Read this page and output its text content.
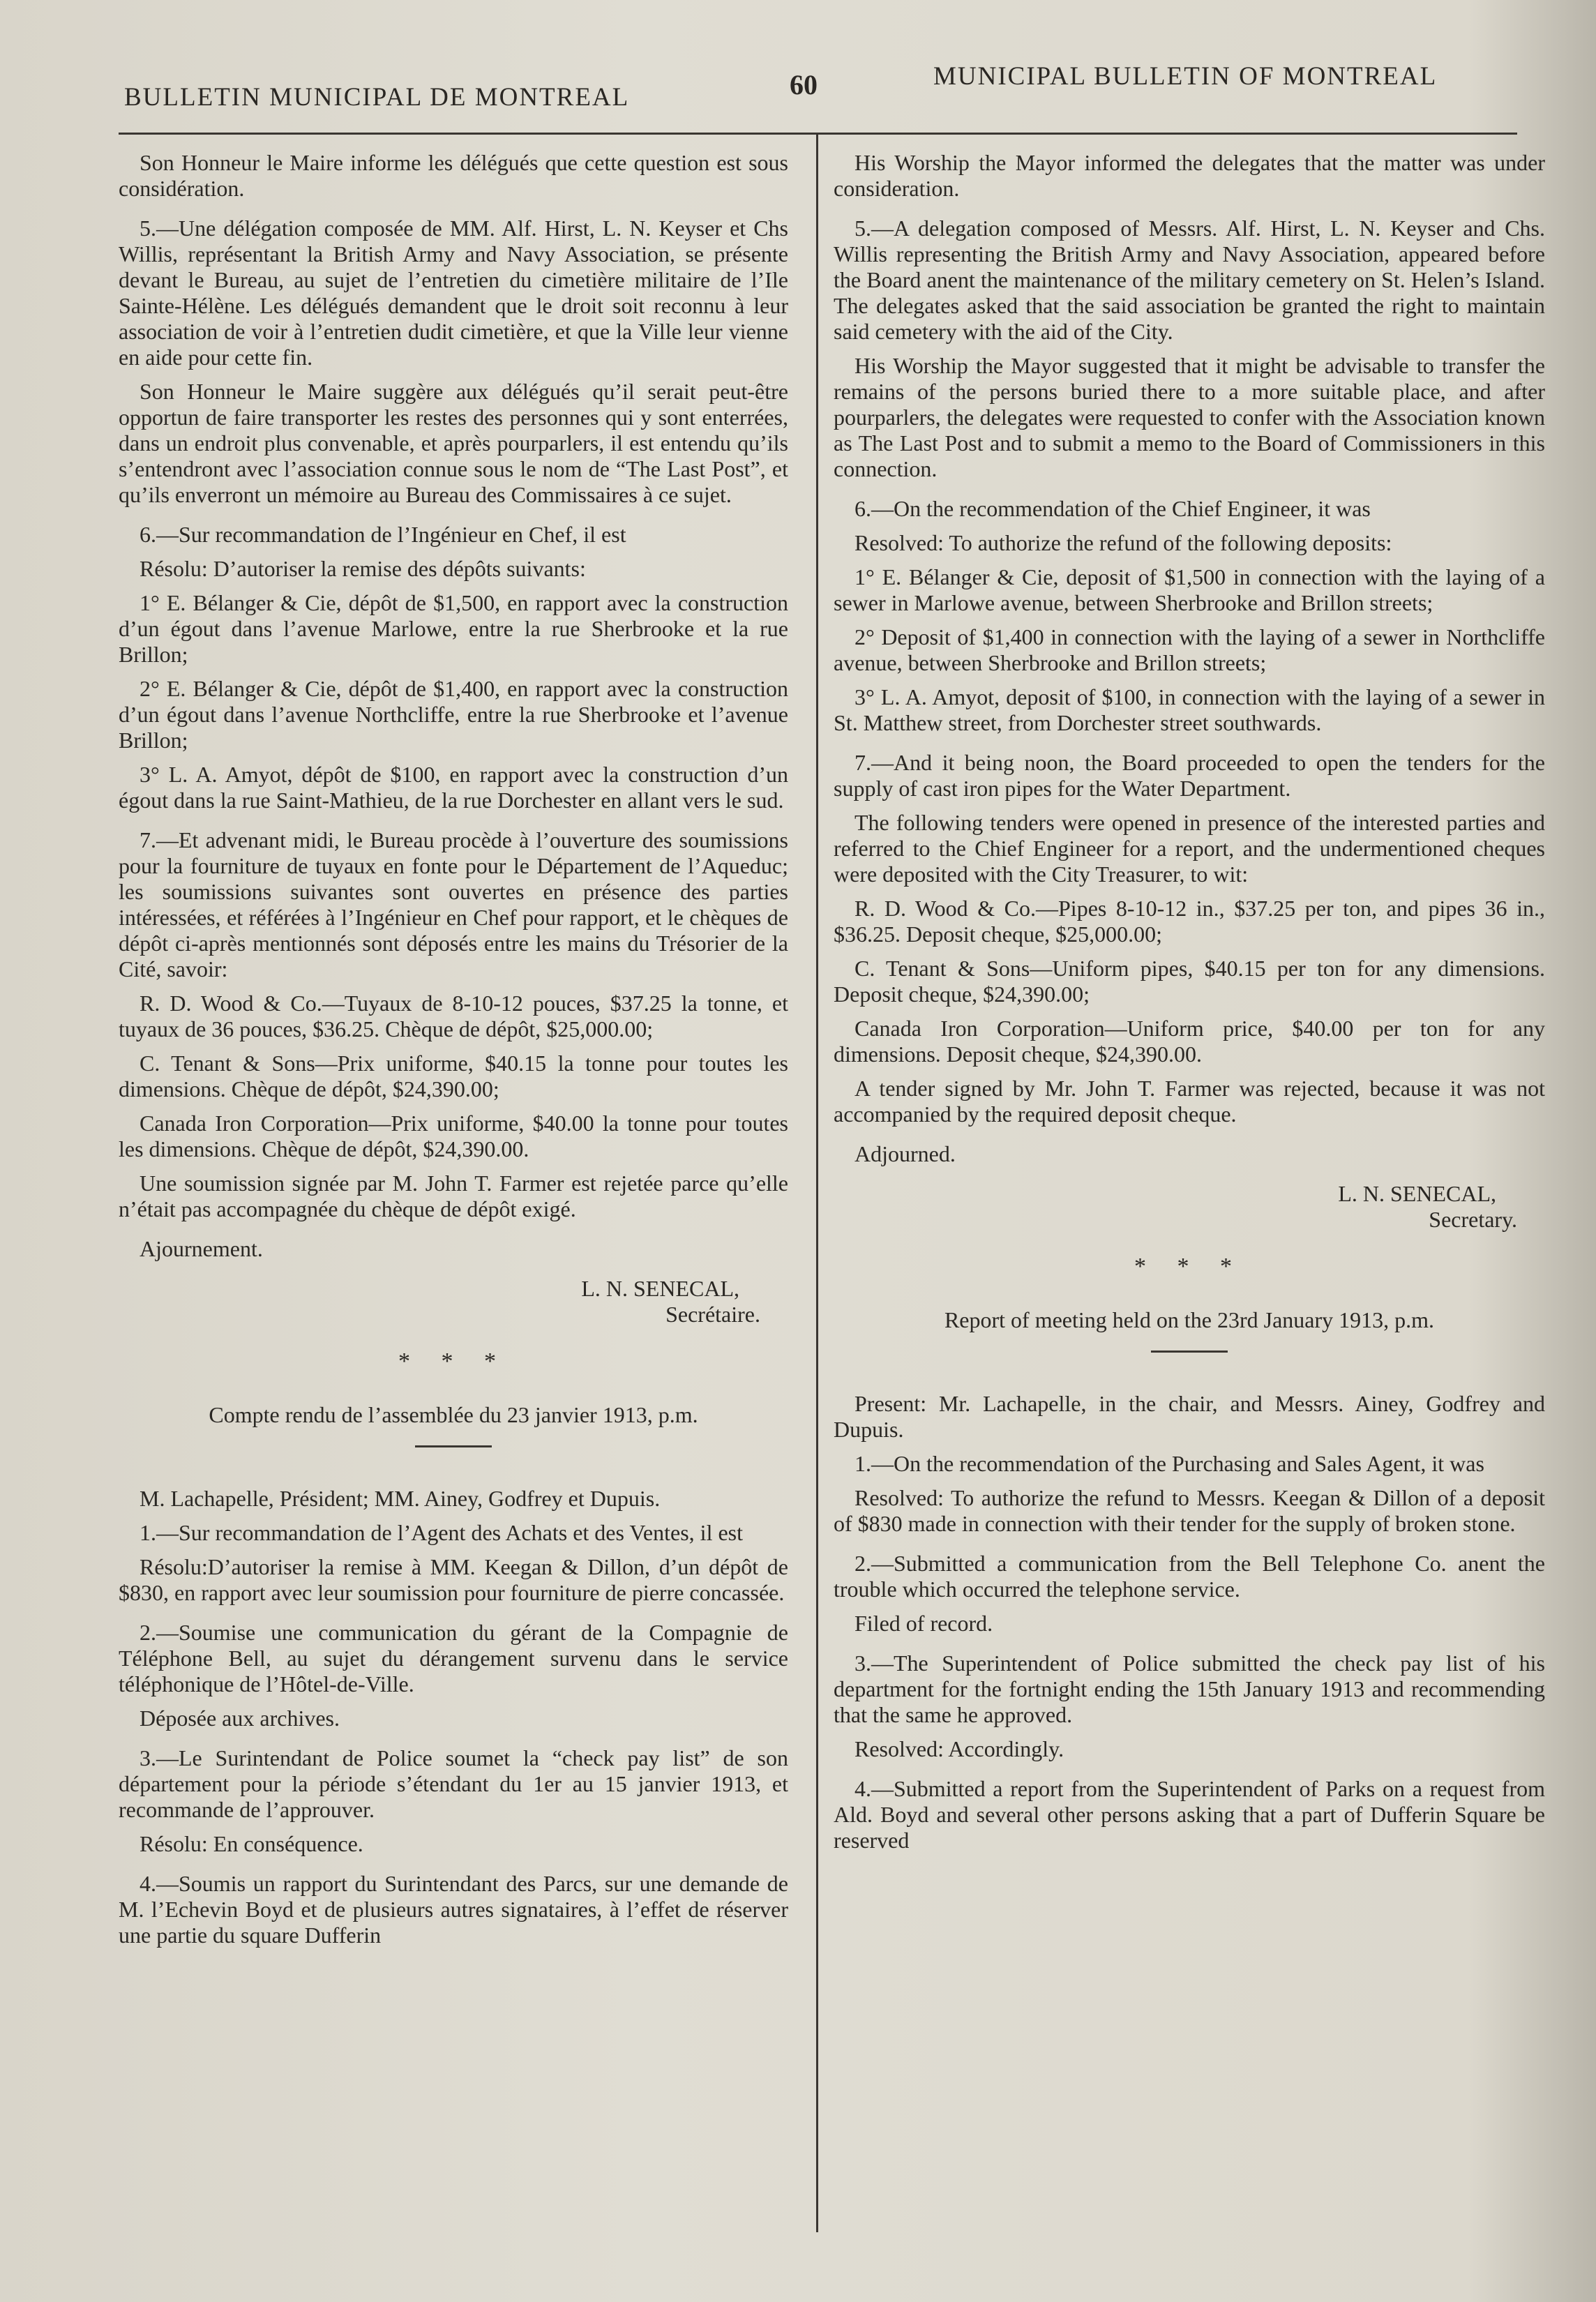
BULLETIN MUNICIPAL DE MONTREAL	60	MUNICIPAL BULLETIN OF MONTREAL

Son Honneur le Maire informe les délégués que cette question est sous considération.

5.—Une délégation composée de MM. Alf. Hirst, L. N. Keyser et Chs Willis, représentant la British Army and Navy Association, se présente devant le Bureau, au sujet de l’entretien du cimetière militaire de l’Ile Sainte-Hélène. Les délégués demandent que le droit soit reconnu à leur association de voir à l’entretien dudit cimetière, et que la Ville leur vienne en aide pour cette fin.

Son Honneur le Maire suggère aux délégués qu’il serait peut-être opportun de faire transporter les restes des personnes qui y sont enterrées, dans un endroit plus convenable, et après pourparlers, il est entendu qu’ils s’entendront avec l’association connue sous le nom de “The Last Post”, et qu’ils enverront un mémoire au Bureau des Commissaires à ce sujet.

6.—Sur recommandation de l’Ingénieur en Chef, il est

Résolu: D’autoriser la remise des dépôts suivants:

1° E. Bélanger & Cie, dépôt de $1,500, en rapport avec la construction d’un égout dans l’avenue Marlowe, entre la rue Sherbrooke et la rue Brillon;

2° E. Bélanger & Cie, dépôt de $1,400, en rapport avec la construction d’un égout dans l’avenue Northcliffe, entre la rue Sherbrooke et l’avenue Brillon;

3° L. A. Amyot, dépôt de $100, en rapport avec la construction d’un égout dans la rue Saint-Mathieu, de la rue Dorchester en allant vers le sud.

7.—Et advenant midi, le Bureau procède à l’ouverture des soumissions pour la fourniture de tuyaux en fonte pour le Département de l’Aqueduc; les soumissions suivantes sont ouvertes en présence des parties intéressées, et référées à l’Ingénieur en Chef pour rapport, et le chèques de dépôt ci-après mentionnés sont déposés entre les mains du Trésorier de la Cité, savoir:

R. D. Wood & Co.—Tuyaux de 8-10-12 pouces, $37.25 la tonne, et tuyaux de 36 pouces, $36.25. Chèque de dépôt, $25,000.00;

C. Tenant & Sons—Prix uniforme, $40.15 la tonne pour toutes les dimensions. Chèque de dépôt, $24,390.00;

Canada Iron Corporation—Prix uniforme, $40.00 la tonne pour toutes les dimensions. Chèque de dépôt, $24,390.00.

Une soumission signée par M. John T. Farmer est rejetée parce qu’elle n’était pas accompagnée du chèque de dépôt exigé.

Ajournement.

L. N. SENECAL,
Secrétaire.
* * *

Compte rendu de l’assemblée du 23 janvier 1913, p.m.

M. Lachapelle, Président; MM. Ainey, Godfrey et Dupuis.

1.—Sur recommandation de l’Agent des Achats et des Ventes, il est

Résolu:D’autoriser la remise à MM. Keegan & Dillon, d’un dépôt de $830, en rapport avec leur soumission pour fourniture de pierre concassée.

2.—Soumise une communication du gérant de la Compagnie de Téléphone Bell, au sujet du dérangement survenu dans le service téléphonique de l’Hôtel-de-Ville.

Déposée aux archives.

3.—Le Surintendant de Police soumet la “check pay list” de son département pour la période s’étendant du 1er au 15 janvier 1913, et recommande de l’approuver.

Résolu: En conséquence.

4.—Soumis un rapport du Surintendant des Parcs, sur une demande de M. l’Echevin Boyd et de plusieurs autres signataires, à l’effet de réserver une partie du square Dufferin

His Worship the Mayor informed the delegates that the matter was under consideration.

5.—A delegation composed of Messrs. Alf. Hirst, L. N. Keyser and Chs. Willis representing the British Army and Navy Association, appeared before the Board anent the maintenance of the military cemetery on St. Helen’s Island. The delegates asked that the said association be granted the right to maintain said cemetery with the aid of the City.

His Worship the Mayor suggested that it might be advisable to transfer the remains of the persons buried there to a more suitable place, and after pourparlers, the delegates were requested to confer with the Association known as The Last Post and to submit a memo to the Board of Commissioners in this connection.

6.—On the recommendation of the Chief Engineer, it was

Resolved: To authorize the refund of the following deposits:

1° E. Bélanger & Cie, deposit of $1,500 in connection with the laying of a sewer in Marlowe avenue, between Sherbrooke and Brillon streets;

2° Deposit of $1,400 in connection with the laying of a sewer in Northcliffe avenue, between Sherbrooke and Brillon streets;

3° L. A. Amyot, deposit of $100, in connection with the laying of a sewer in St. Matthew street, from Dorchester street southwards.

7.—And it being noon, the Board proceeded to open the tenders for the supply of cast iron pipes for the Water Department.

The following tenders were opened in presence of the interested parties and referred to the Chief Engineer for a report, and the undermentioned cheques were deposited with the City Treasurer, to wit:

R. D. Wood & Co.—Pipes 8-10-12 in., $37.25 per ton, and pipes 36 in., $36.25. Deposit cheque, $25,000.00;

C. Tenant & Sons—Uniform pipes, $40.15 per ton for any dimensions. Deposit cheque, $24,390.00;

Canada Iron Corporation—Uniform price, $40.00 per ton for any dimensions. Deposit cheque, $24,390.00.

A tender signed by Mr. John T. Farmer was rejected, because it was not accompanied by the required deposit cheque.

Adjourned.

L. N. SENECAL,
Secretary.
* * *

Report of meeting held on the 23rd January 1913, p.m.

Present: Mr. Lachapelle, in the chair, and Messrs. Ainey, Godfrey and Dupuis.

1.—On the recommendation of the Purchasing and Sales Agent, it was

Resolved: To authorize the refund to Messrs. Keegan & Dillon of a deposit of $830 made in connection with their tender for the supply of broken stone.

2.—Submitted a communication from the Bell Telephone Co. anent the trouble which occurred the telephone service.

Filed of record.

3.—The Superintendent of Police submitted the check pay list of his department for the fortnight ending the 15th January 1913 and recommending that the same he approved.

Resolved: Accordingly.

4.—Submitted a report from the Superintendent of Parks on a request from Ald. Boyd and several other persons asking that a part of Dufferin Square be reserved
